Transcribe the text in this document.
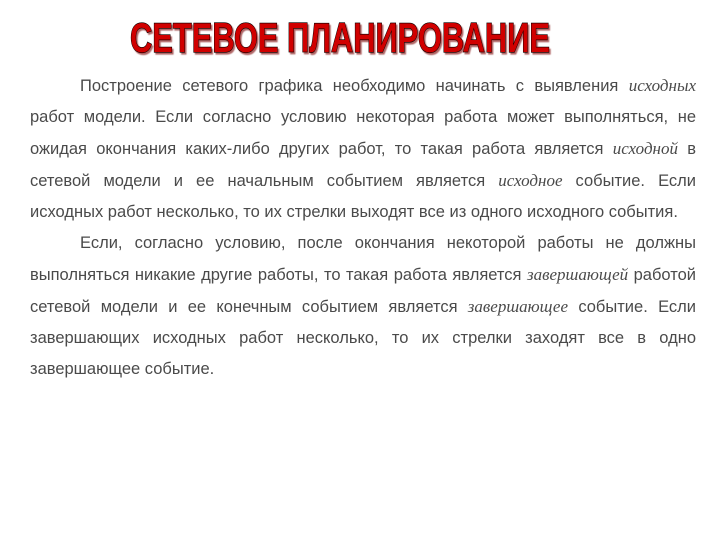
СЕТЕВОЕ ПЛАНИРОВАНИЕ

Построение сетевого графика необходимо начинать с выявления исходных работ модели. Если согласно условию некоторая работа может выполняться, не ожидая окончания каких-либо других работ, то такая работа является исходной в сетевой модели и ее начальным событием является исходное событие. Если исходных работ несколько, то их стрелки выходят все из одного исходного события.

Если, согласно условию, после окончания некоторой работы не должны выполняться никакие другие работы, то такая работа является завершающей работой сетевой модели и ее конечным событием является завершающее событие. Если завершающих исходных работ несколько, то их стрелки заходят все в одно завершающее событие.
